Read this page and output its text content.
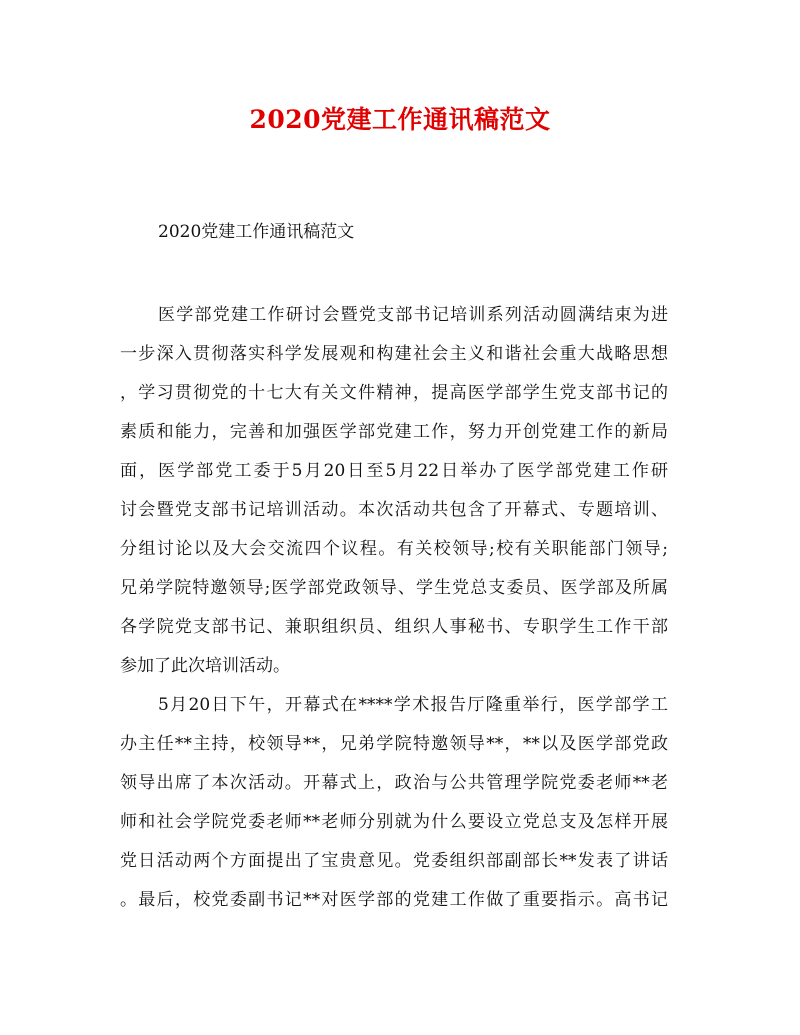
2020党建工作通讯稿范文

2020党建工作通讯稿范文

医学部党建工作研讨会暨党支部书记培训系列活动圆满结束为进
一步深入贯彻落实科学发展观和构建社会主义和谐社会重大战略思想
，学习贯彻党的十七大有关文件精神，提高医学部学生党支部书记的
素质和能力，完善和加强医学部党建工作，努力开创党建工作的新局
面，医学部党工委于5月20日至5月22日举办了医学部党建工作研
讨会暨党支部书记培训活动。本次活动共包含了开幕式、专题培训、
分组讨论以及大会交流四个议程。有关校领导;校有关职能部门领导;
兄弟学院特邀领导;医学部党政领导、学生党总支委员、医学部及所属
各学院党支部书记、兼职组织员、组织人事秘书、专职学生工作干部
参加了此次培训活动。
5月20日下午，开幕式在****学术报告厅隆重举行，医学部学工
办主任**主持，校领导**，兄弟学院特邀领导**，**以及医学部党政
领导出席了本次活动。开幕式上，政治与公共管理学院党委老师**老
师和社会学院党委老师**老师分别就为什么要设立党总支及怎样开展
党日活动两个方面提出了宝贵意见。党委组织部副部长**发表了讲话
。最后，校党委副书记**对医学部的党建工作做了重要指示。高书记
